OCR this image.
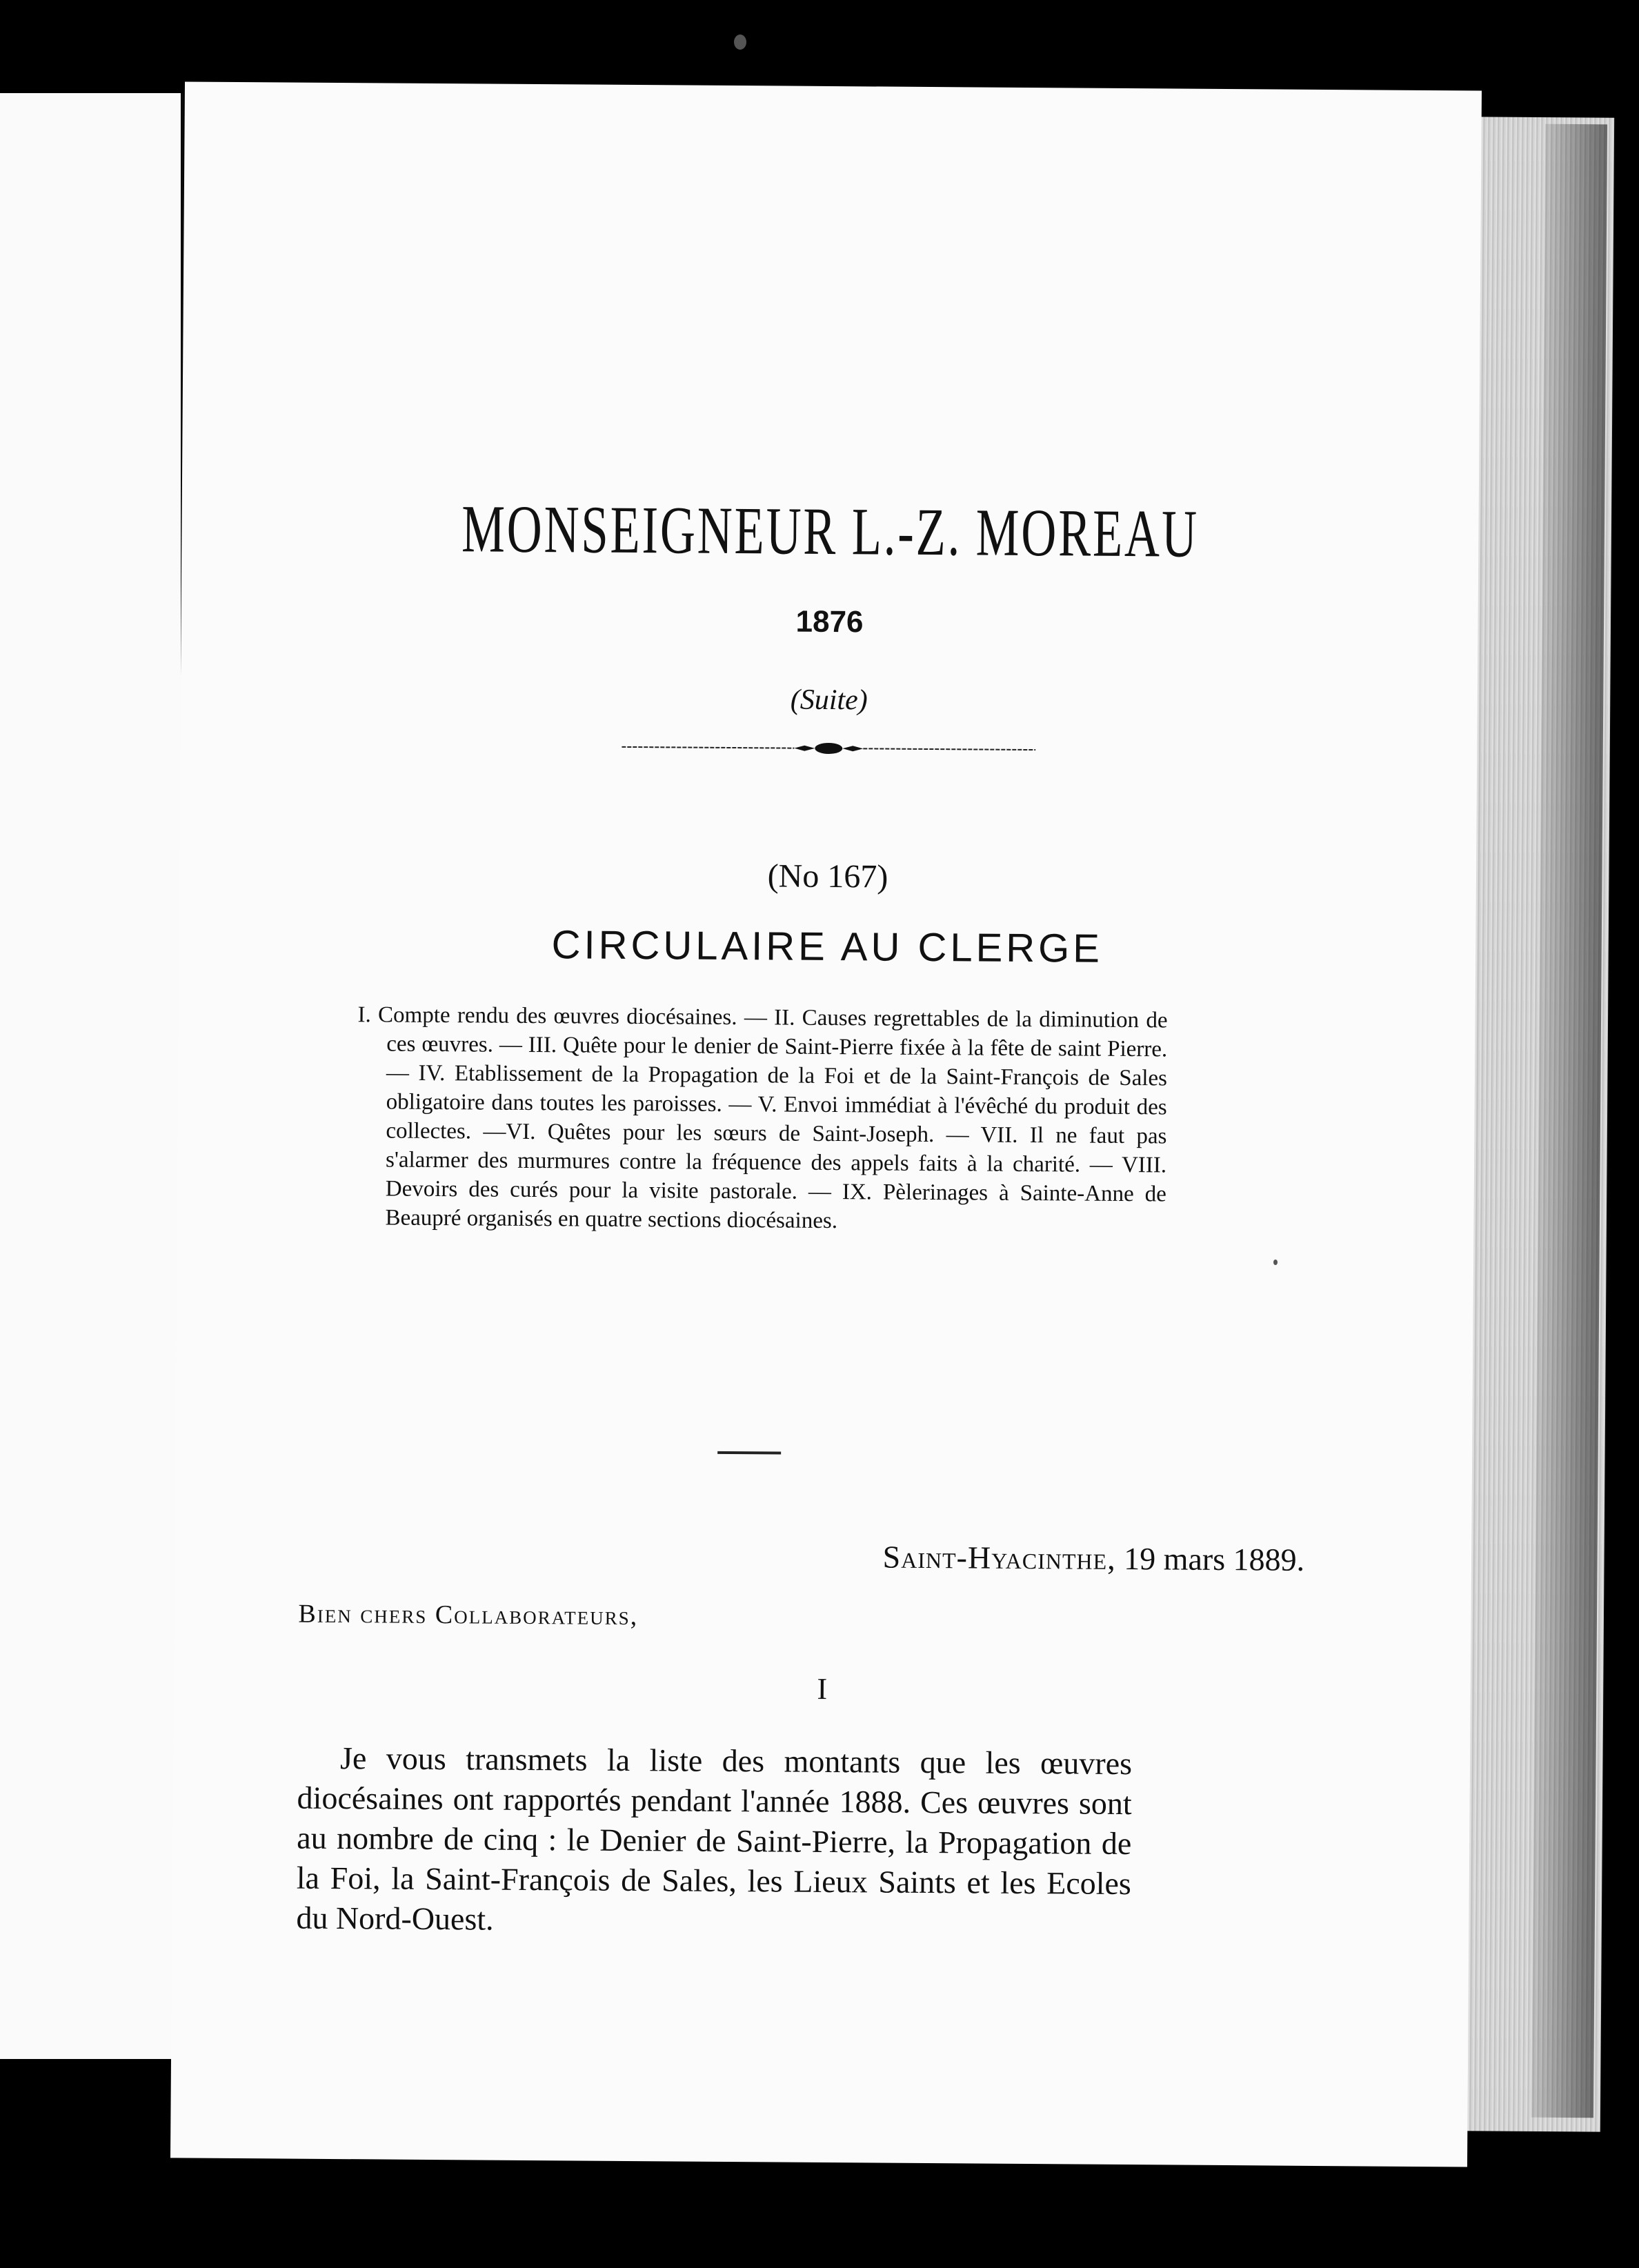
MONSEIGNEUR L.-Z. MOREAU
1876
(Suite)
(No 167)
CIRCULAIRE AU CLERGE

I. Compte rendu des œuvres diocésaines. — II. Causes regrettables de la diminution de ces œuvres. — III. Quête pour le denier de Saint-Pierre fixée à la fête de saint Pierre. — IV. Etablissement de la Propagation de la Foi et de la Saint-François de Sales obligatoire dans toutes les paroisses. — V. Envoi immédiat à l'évêché du produit des collectes. —VI. Quêtes pour les sœurs de Saint-Joseph. — VII. Il ne faut pas s'alarmer des murmures contre la fréquence des appels faits à la charité. — VIII. Devoirs des curés pour la visite pastorale. — IX. Pèlerinages à Sainte-Anne de Beaupré organisés en quatre sections diocésaines.

Saint-Hyacinthe, 19 mars 1889.
Bien chers Collaborateurs,
I

Je vous transmets la liste des montants que les œuvres diocésaines ont rapportés pendant l'année 1888. Ces œuvres sont au nombre de cinq : le Denier de Saint-Pierre, la Propagation de la Foi, la Saint-François de Sales, les Lieux Saints et les Ecoles du Nord-Ouest.
